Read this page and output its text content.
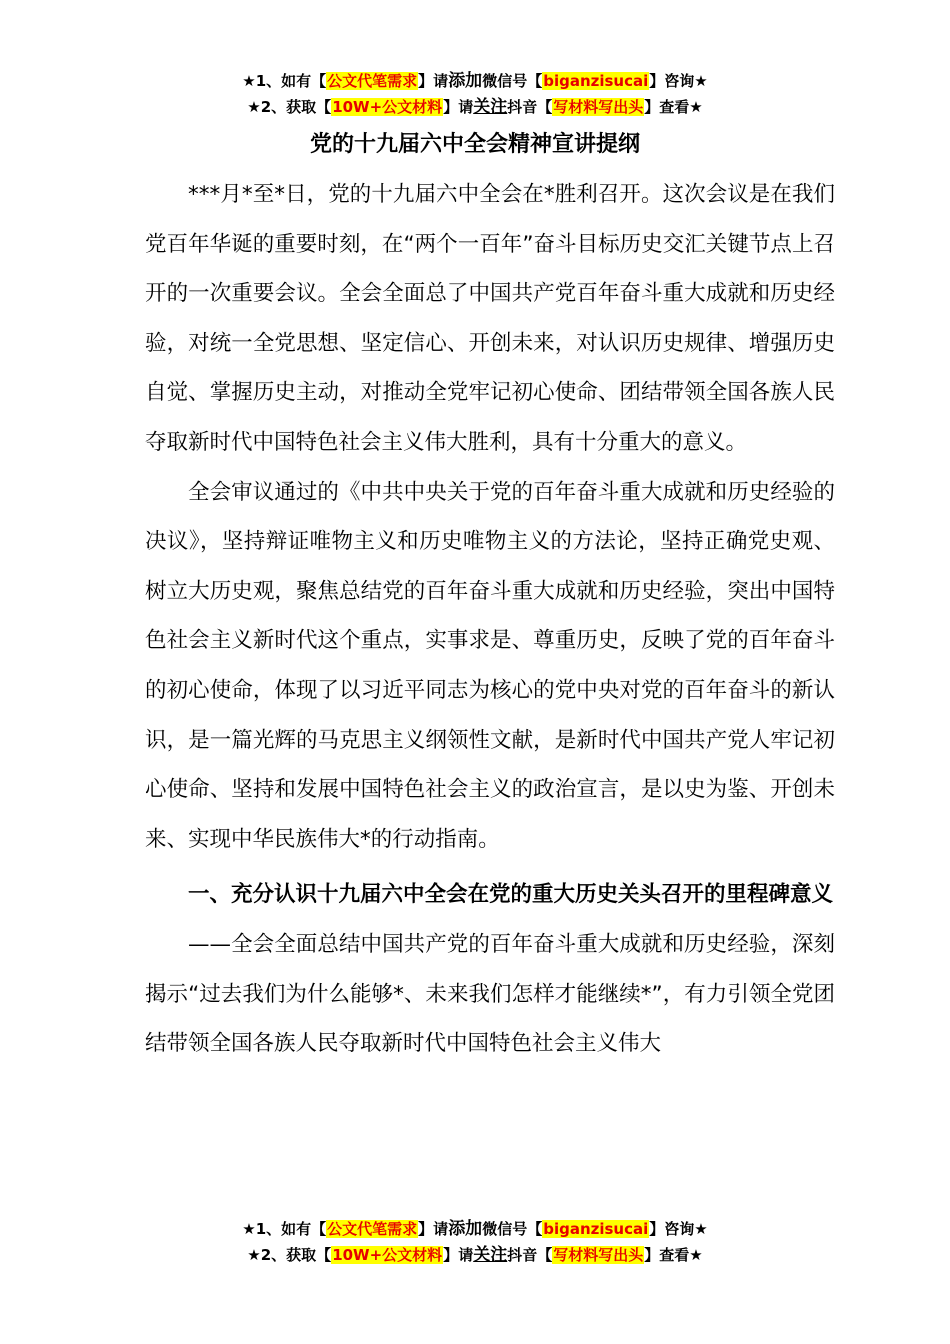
★1、如有【公文代笔需求】请添加微信号【biganzisucai】咨询★
★2、获取【10W+公文材料】请关注抖音【写材料写出头】查看★
党的十九届六中全会精神宣讲提纲

***月*至*日，党的十九届六中全会在*胜利召开。这次会议是在我们党百年华诞的重要时刻，在“两个一百年”奋斗目标历史交汇关键节点上召开的一次重要会议。全会全面总了中国共产党百年奋斗重大成就和历史经验，对统一全党思想、坚定信心、开创未来，对认识历史规律、增强历史自觉、掌握历史主动，对推动全党牢记初心使命、团结带领全国各族人民夺取新时代中国特色社会主义伟大胜利，具有十分重大的意义。

全会审议通过的《中共中央关于党的百年奋斗重大成就和历史经验的决议》，坚持辩证唯物主义和历史唯物主义的方法论，坚持正确党史观、树立大历史观，聚焦总结党的百年奋斗重大成就和历史经验，突出中国特色社会主义新时代这个重点，实事求是、尊重历史，反映了党的百年奋斗的初心使命，体现了以习近平同志为核心的党中央对党的百年奋斗的新认识，是一篇光辉的马克思主义纲领性文献，是新时代中国共产党人牢记初心使命、坚持和发展中国特色社会主义的政治宣言，是以史为鉴、开创未来、实现中华民族伟大*的行动指南。

一、充分认识十九届六中全会在党的重大历史关头召开的里程碑意义

——全会全面总结中国共产党的百年奋斗重大成就和历史经验，深刻揭示“过去我们为什么能够*、未来我们怎样才能继续*”，有力引领全党团结带领全国各族人民夺取新时代中国特色社会主义伟大

★1、如有【公文代笔需求】请添加微信号【biganzisucai】咨询★
★2、获取【10W+公文材料】请关注抖音【写材料写出头】查看★
